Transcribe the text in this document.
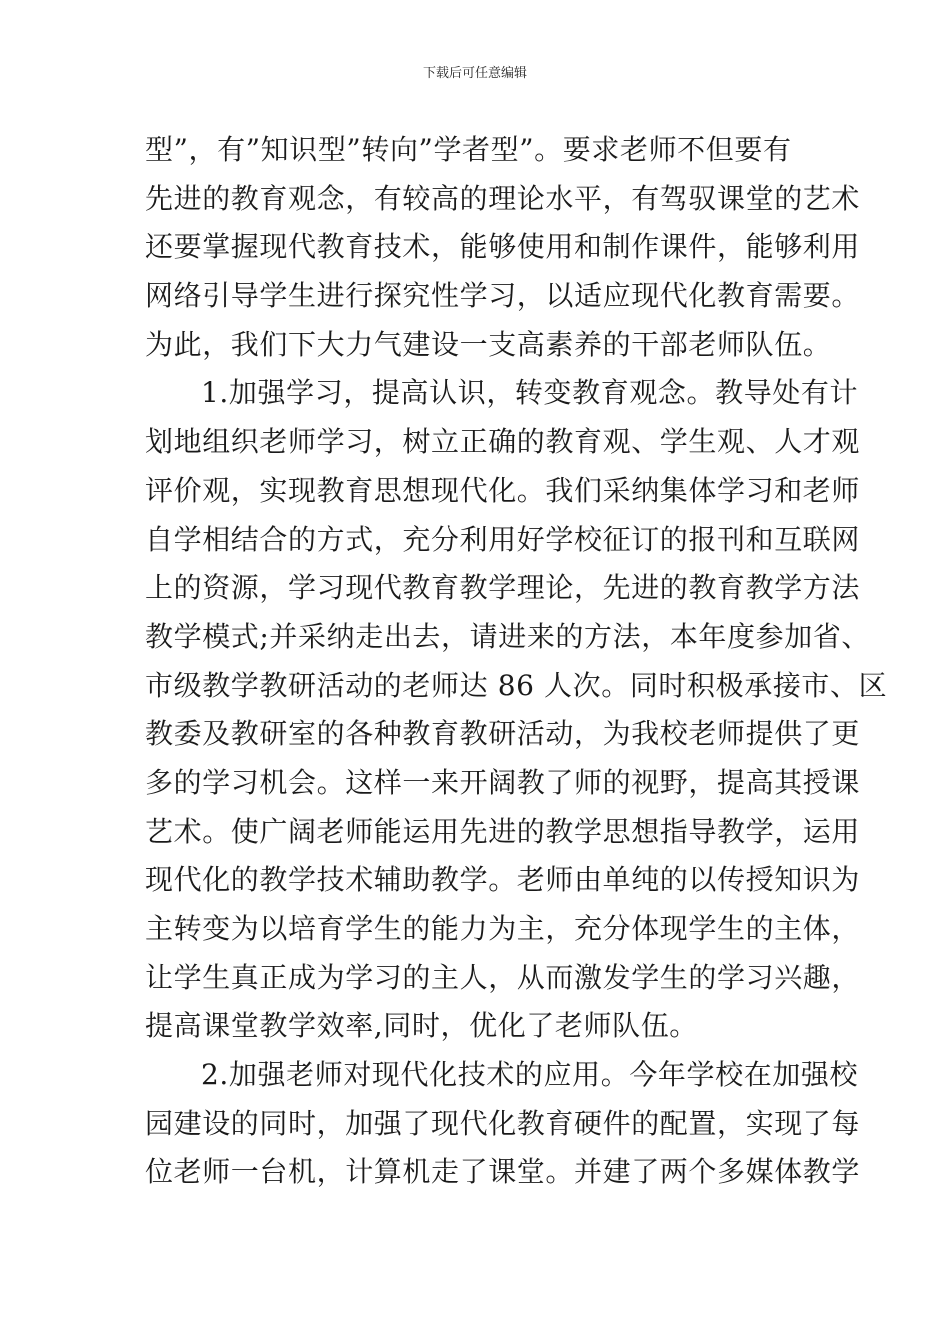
下载后可任意编辑
型”，有”知识型”转向”学者型”。要求老师不但要有
先进的教育观念，有较高的理论水平，有驾驭课堂的艺术
还要掌握现代教育技术，能够使用和制作课件，能够利用
网络引导学生进行探究性学习，以适应现代化教育需要。
为此，我们下大力气建设一支高素养的干部老师队伍。
1.加强学习，提高认识，转变教育观念。教导处有计
划地组织老师学习，树立正确的教育观、学生观、人才观
评价观，实现教育思想现代化。我们采纳集体学习和老师
自学相结合的方式，充分利用好学校征订的报刊和互联网
上的资源，学习现代教育教学理论，先进的教育教学方法
教学模式;并采纳走出去，请进来的方法，本年度参加省、
市级教学教研活动的老师达 86 人次。同时积极承接市、区
教委及教研室的各种教育教研活动，为我校老师提供了更
多的学习机会。这样一来开阔教了师的视野，提高其授课
艺术。使广阔老师能运用先进的教学思想指导教学，运用
现代化的教学技术辅助教学。老师由单纯的以传授知识为
主转变为以培育学生的能力为主，充分体现学生的主体，
让学生真正成为学习的主人，从而激发学生的学习兴趣，
提高课堂教学效率,同时，优化了老师队伍。
2.加强老师对现代化技术的应用。今年学校在加强校
园建设的同时，加强了现代化教育硬件的配置，实现了每
位老师一台机，计算机走了课堂。并建了两个多媒体教学
